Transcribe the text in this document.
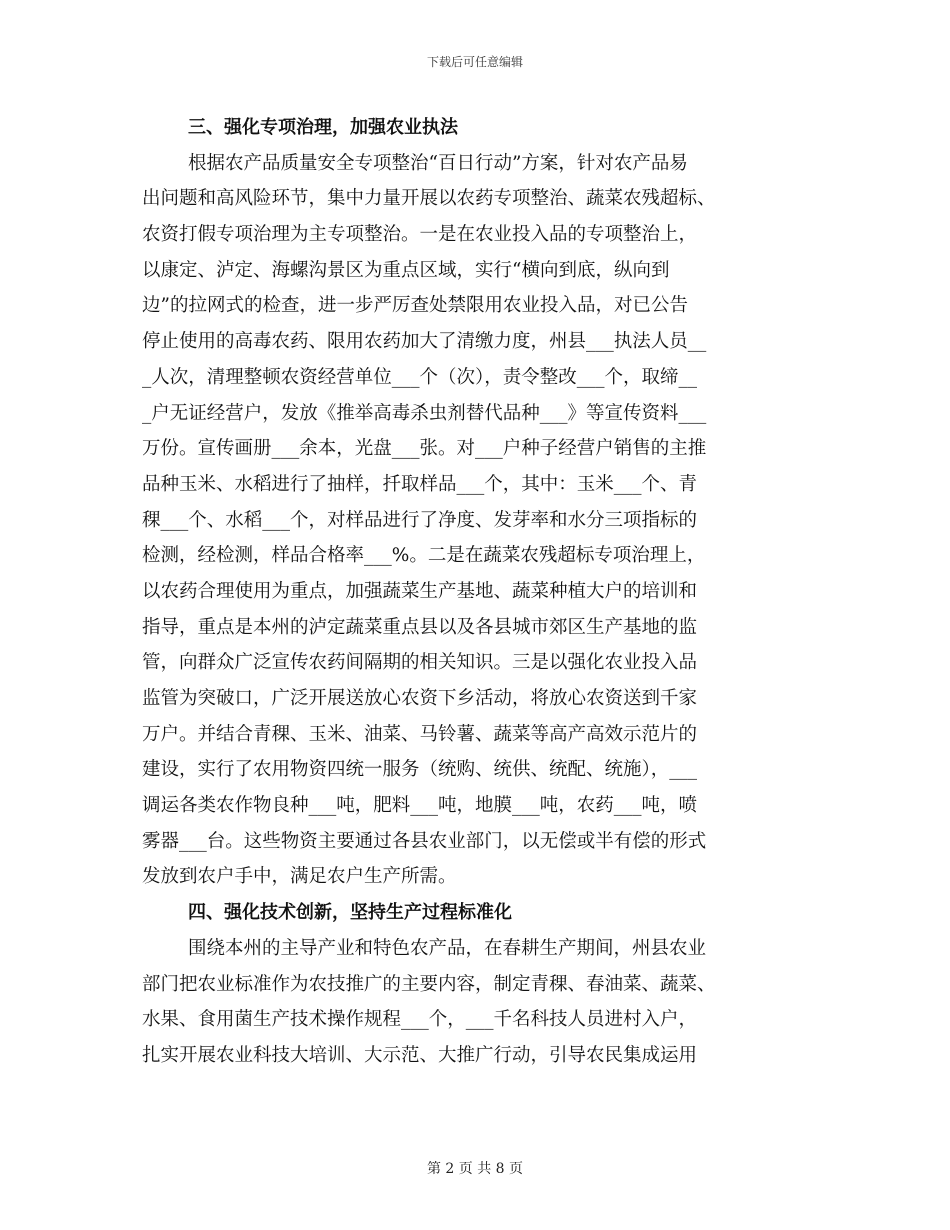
下载后可任意编辑
三、强化专项治理，加强农业执法
根据农产品质量安全专项整治“百日行动”方案，针对农产品易
出问题和高风险环节，集中力量开展以农药专项整治、蔬菜农残超标、
农资打假专项治理为主专项整治。一是在农业投入品的专项整治上，
以康定、泸定、海螺沟景区为重点区域，实行“横向到底，纵向到
边”的拉网式的检查，进一步严厉查处禁限用农业投入品，对已公告
停止使用的高毒农药、限用农药加大了清缴力度，州县___执法人员__
_人次，清理整顿农资经营单位___个（次），责令整改___个，取缔__
_户无证经营户，发放《推举高毒杀虫剂替代品种___》等宣传资料___
万份。宣传画册___余本，光盘___张。对___户种子经营户销售的主推
品种玉米、水稻进行了抽样，扦取样品___个，其中：玉米___个、青
稞___个、水稻___个，对样品进行了净度、发芽率和水分三项指标的
检测，经检测，样品合格率___%。二是在蔬菜农残超标专项治理上，
以农药合理使用为重点，加强蔬菜生产基地、蔬菜种植大户的培训和
指导，重点是本州的泸定蔬菜重点县以及各县城市郊区生产基地的监
管，向群众广泛宣传农药间隔期的相关知识。三是以强化农业投入品
监管为突破口，广泛开展送放心农资下乡活动，将放心农资送到千家
万户。并结合青稞、玉米、油菜、马铃薯、蔬菜等高产高效示范片的
建设，实行了农用物资四统一服务（统购、统供、统配、统施），___
调运各类农作物良种___吨，肥料___吨，地膜___吨，农药___吨，喷
雾器___台。这些物资主要通过各县农业部门，以无偿或半有偿的形式
发放到农户手中，满足农户生产所需。
四、强化技术创新，坚持生产过程标准化
围绕本州的主导产业和特色农产品，在春耕生产期间，州县农业
部门把农业标准作为农技推广的主要内容，制定青稞、春油菜、蔬菜、
水果、食用菌生产技术操作规程___个，___千名科技人员进村入户，
扎实开展农业科技大培训、大示范、大推广行动，引导农民集成运用
第 2 页 共 8 页
